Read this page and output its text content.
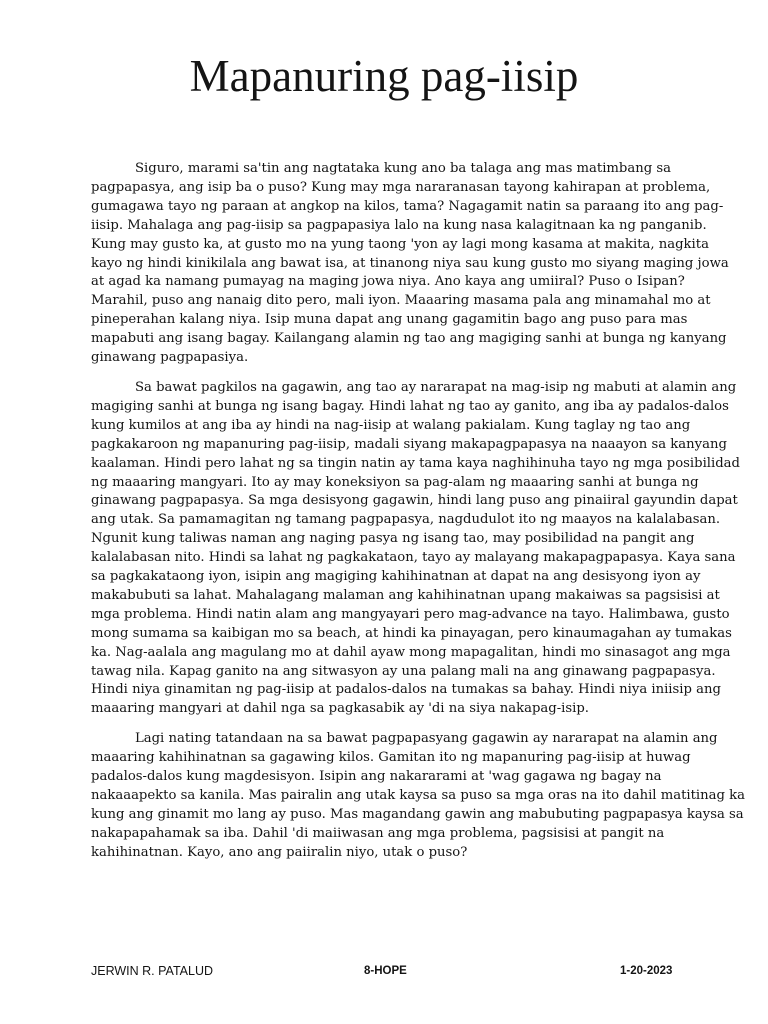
Mapanuring pag-iisip
Siguro, marami sa'tin ang nagtataka kung ano ba talaga ang mas matimbang sa
pagpapasya, ang isip ba o puso? Kung may mga nararanasan tayong kahirapan at problema,
gumagawa tayo ng paraan at angkop na kilos, tama? Nagagamit natin sa paraang ito ang pag-
iisip. Mahalaga ang pag-iisip sa pagpapasiya lalo na kung nasa kalagitnaan ka ng panganib.
Kung may gusto ka, at gusto mo na yung taong 'yon ay lagi mong kasama at makita, nagkita
kayo ng hindi kinikilala ang bawat isa, at tinanong niya sau kung gusto mo siyang maging jowa
at agad ka namang pumayag na maging jowa niya. Ano kaya ang umiiral? Puso o Isipan?
Marahil, puso ang nanaig dito pero, mali iyon. Maaaring masama pala ang minamahal mo at
pineperahan kalang niya. Isip muna dapat ang unang gagamitin bago ang puso para mas
mapabuti ang isang bagay. Kailangang alamin ng tao ang magiging sanhi at bunga ng kanyang
ginawang pagpapasiya.
Sa bawat pagkilos na gagawin, ang tao ay nararapat na mag-isip ng mabuti at alamin ang
magiging sanhi at bunga ng isang bagay. Hindi lahat ng tao ay ganito, ang iba ay padalos-dalos
kung kumilos at ang iba ay hindi na nag-iisip at walang pakialam. Kung taglay ng tao ang
pagkakaroon ng mapanuring pag-iisip, madali siyang makapagpapasya na naaayon sa kanyang
kaalaman. Hindi pero lahat ng sa tingin natin ay tama kaya naghihinuha tayo ng mga posibilidad
ng maaaring mangyari. Ito ay may koneksiyon sa pag-alam ng maaaring sanhi at bunga ng
ginawang pagpapasya. Sa mga desisyong gagawin, hindi lang puso ang pinaiiral gayundin dapat
ang utak. Sa pamamagitan ng tamang pagpapasya, nagdudulot ito ng maayos na kalalabasan.
Ngunit kung taliwas naman ang naging pasya ng isang tao, may posibilidad na pangit ang
kalalabasan nito. Hindi sa lahat ng pagkakataon, tayo ay malayang makapagpapasya. Kaya sana
sa pagkakataong iyon, isipin ang magiging kahihinatnan at dapat na ang desisyong iyon ay
makabubuti sa lahat. Mahalagang malaman ang kahihinatnan upang makaiwas sa pagsisisi at
mga problema. Hindi natin alam ang mangyayari pero mag-advance na tayo. Halimbawa, gusto
mong sumama sa kaibigan mo sa beach, at hindi ka pinayagan, pero kinaumagahan ay tumakas
ka. Nag-aalala ang magulang mo at dahil ayaw mong mapagalitan, hindi mo sinasagot ang mga
tawag nila. Kapag ganito na ang sitwasyon ay una palang mali na ang ginawang pagpapasya.
Hindi niya ginamitan ng pag-iisip at padalos-dalos na tumakas sa bahay. Hindi niya iniisip ang
maaaring mangyari at dahil nga sa pagkasabik ay 'di na siya nakapag-isip.
Lagi nating tatandaan na sa bawat pagpapasyang gagawin ay nararapat na alamin ang
maaaring kahihinatnan sa gagawing kilos. Gamitan ito ng mapanuring pag-iisip at huwag
padalos-dalos kung magdesisyon. Isipin ang nakararami at 'wag gagawa ng bagay na
nakaaapekto sa kanila. Mas pairalin ang utak kaysa sa puso sa mga oras na ito dahil matitinag ka
kung ang ginamit mo lang ay puso. Mas magandang gawin ang mabubuting pagpapasya kaysa sa
nakapapahamak sa iba. Dahil 'di maiiwasan ang mga problema, pagsisisi at pangit na
kahihinatnan. Kayo, ano ang paiiralin niyo, utak o puso?
JERWIN R. PATALUD	8-HOPE	1-20-2023
